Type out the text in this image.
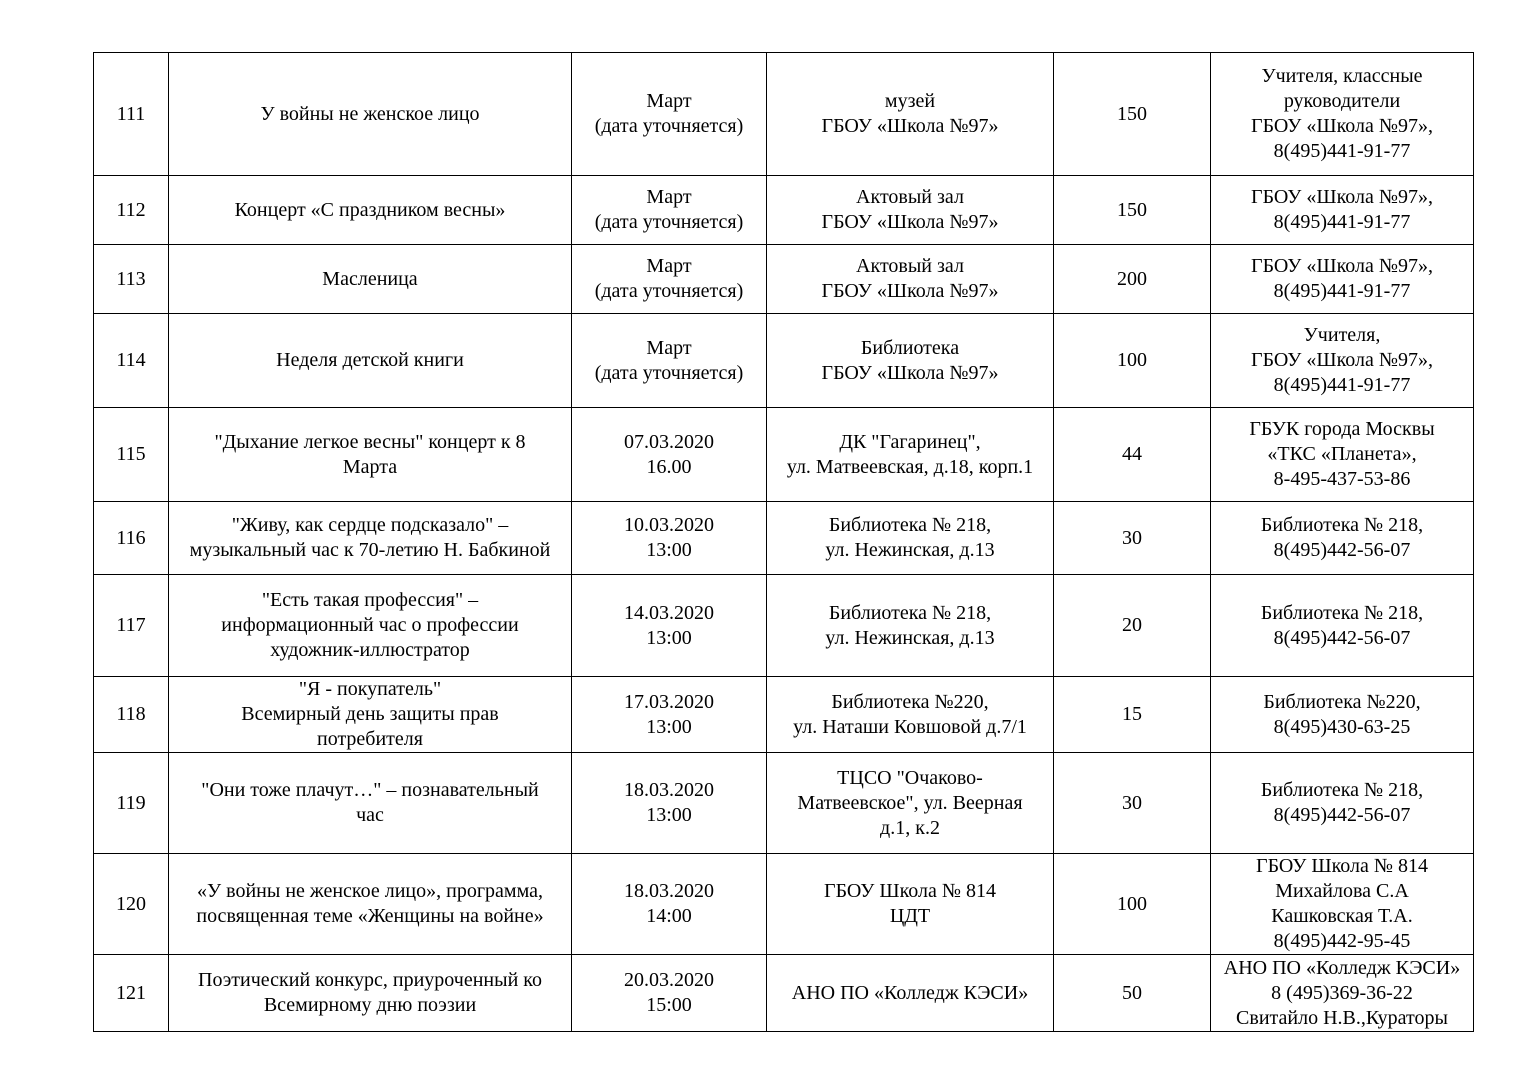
111	У войны не женское лицо	Март
(дата уточняется)	музей
ГБОУ «Школа №97»	150	Учителя, классные
руководители
ГБОУ «Школа №97»,
8(495)441-91-77

112	Концерт «С праздником весны»	Март
(дата уточняется)	Актовый зал
ГБОУ «Школа №97»	150	ГБОУ «Школа №97»,
8(495)441-91-77

113	Масленица	Март
(дата уточняется)	Актовый зал
ГБОУ «Школа №97»	200	ГБОУ «Школа №97»,
8(495)441-91-77

114	Неделя детской книги	Март
(дата уточняется)	Библиотека
ГБОУ «Школа №97»	100	Учителя,
ГБОУ «Школа №97»,
8(495)441-91-77

115	"Дыхание легкое весны" концерт к 8
Марта	07.03.2020
16.00	ДК "Гагаринец",
ул. Матвеевская, д.18, корп.1	44	ГБУК города Москвы
«ТКС «Планета»,
8-495-437-53-86

116	"Живу, как сердце подсказало" –
музыкальный час к 70-летию Н. Бабкиной	10.03.2020
13:00	Библиотека № 218,
ул. Нежинская, д.13	30	Библиотека № 218,
8(495)442-56-07

117	"Есть такая профессия" –
информационный час о профессии
художник-иллюстратор	14.03.2020
13:00	Библиотека № 218,
ул. Нежинская, д.13	20	Библиотека № 218,
8(495)442-56-07

118	"Я - покупатель"
Всемирный день защиты прав
потребителя	17.03.2020
13:00	Библиотека №220,
ул. Наташи Ковшовой д.7/1	15	Библиотека №220,
8(495)430-63-25

119	"Они тоже плачут…" – познавательный
час	18.03.2020
13:00	ТЦСО "Очаково-
Матвеевское", ул. Веерная
д.1, к.2	30	Библиотека № 218,
8(495)442-56-07

120	«У войны не женское лицо», программа,
посвященная теме «Женщины на войне»	18.03.2020
14:00	ГБОУ Школа № 814
ЦДТ	100	ГБОУ Школа № 814
Михайлова С.А
Кашковская Т.А.
8(495)442-95-45

121	Поэтический конкурс, приуроченный ко
Всемирному дню поэзии	20.03.2020
15:00	АНО ПО «Колледж КЭСИ»	50	АНО ПО «Колледж КЭСИ»
8 (495)369-36-22
Свитайло Н.В.,Кураторы
